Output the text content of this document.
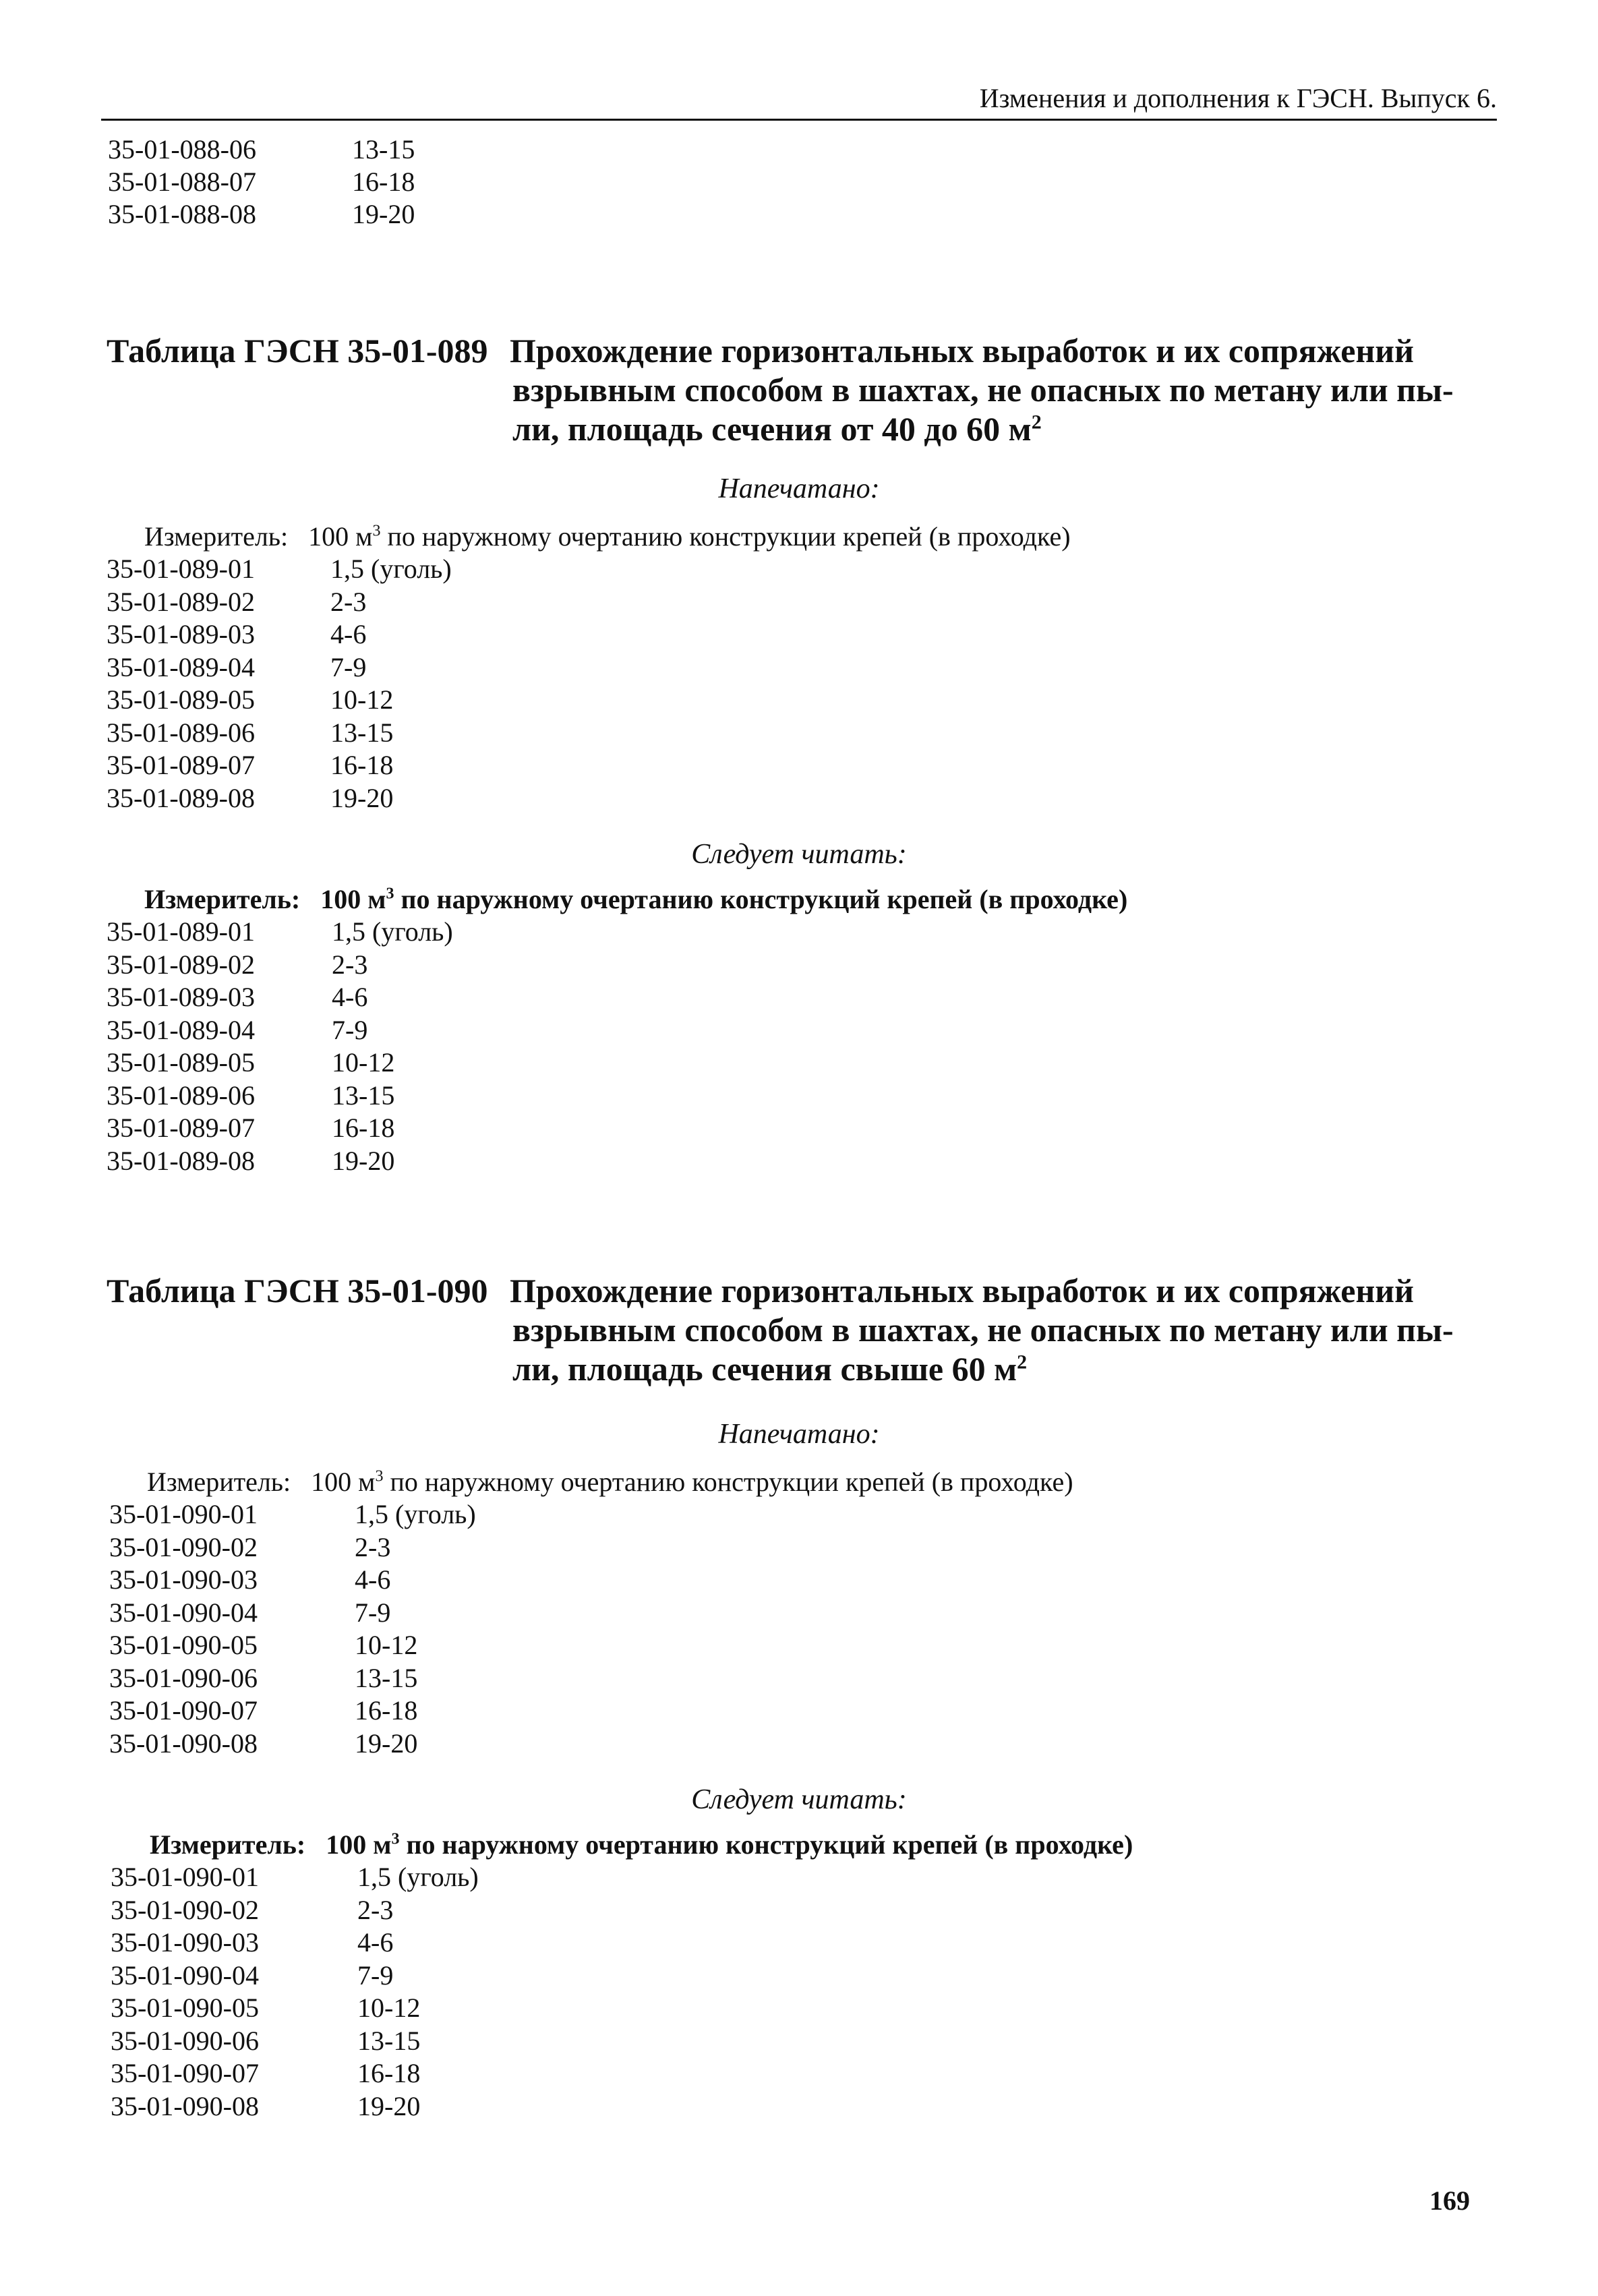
Изменения и дополнения к ГЭСН. Выпуск 6.
35-01-088-06	13-15
35-01-088-07	16-18
35-01-088-08	19-20
Таблица ГЭСН 35-01-089 Прохождение горизонтальных выработок и их сопряжений
взрывным способом в шахтах, не опасных по метану или пы-
ли, площадь сечения от 40 до 60 $м^2$
Напечатано:
Измеритель: 100 $м^3$ по наружному очертанию конструкции крепей (в проходке)
35-01-089-01	1,5 (уголь)
35-01-089-02	2-3
35-01-089-03	4-6
35-01-089-04	7-9
35-01-089-05	10-12
35-01-089-06	13-15
35-01-089-07	16-18
35-01-089-08	19-20
Следует читать:
Измеритель: 100 $м^3$ по наружному очертанию конструкций крепей (в проходке)
35-01-089-01	1,5 (уголь)
35-01-089-02	2-3
35-01-089-03	4-6
35-01-089-04	7-9
35-01-089-05	10-12
35-01-089-06	13-15
35-01-089-07	16-18
35-01-089-08	19-20
Таблица ГЭСН 35-01-090 Прохождение горизонтальных выработок и их сопряжений
взрывным способом в шахтах, не опасных по метану или пы-
ли, площадь сечения свыше 60 $м^2$
Напечатано:
Измеритель: 100 $м^3$ по наружному очертанию конструкции крепей (в проходке)
35-01-090-01	1,5 (уголь)
35-01-090-02	2-3
35-01-090-03	4-6
35-01-090-04	7-9
35-01-090-05	10-12
35-01-090-06	13-15
35-01-090-07	16-18
35-01-090-08	19-20
Следует читать:
Измеритель: 100 $м^3$ по наружному очертанию конструкций крепей (в проходке)
35-01-090-01	1,5 (уголь)
35-01-090-02	2-3
35-01-090-03	4-6
35-01-090-04	7-9
35-01-090-05	10-12
35-01-090-06	13-15
35-01-090-07	16-18
35-01-090-08	19-20
169
